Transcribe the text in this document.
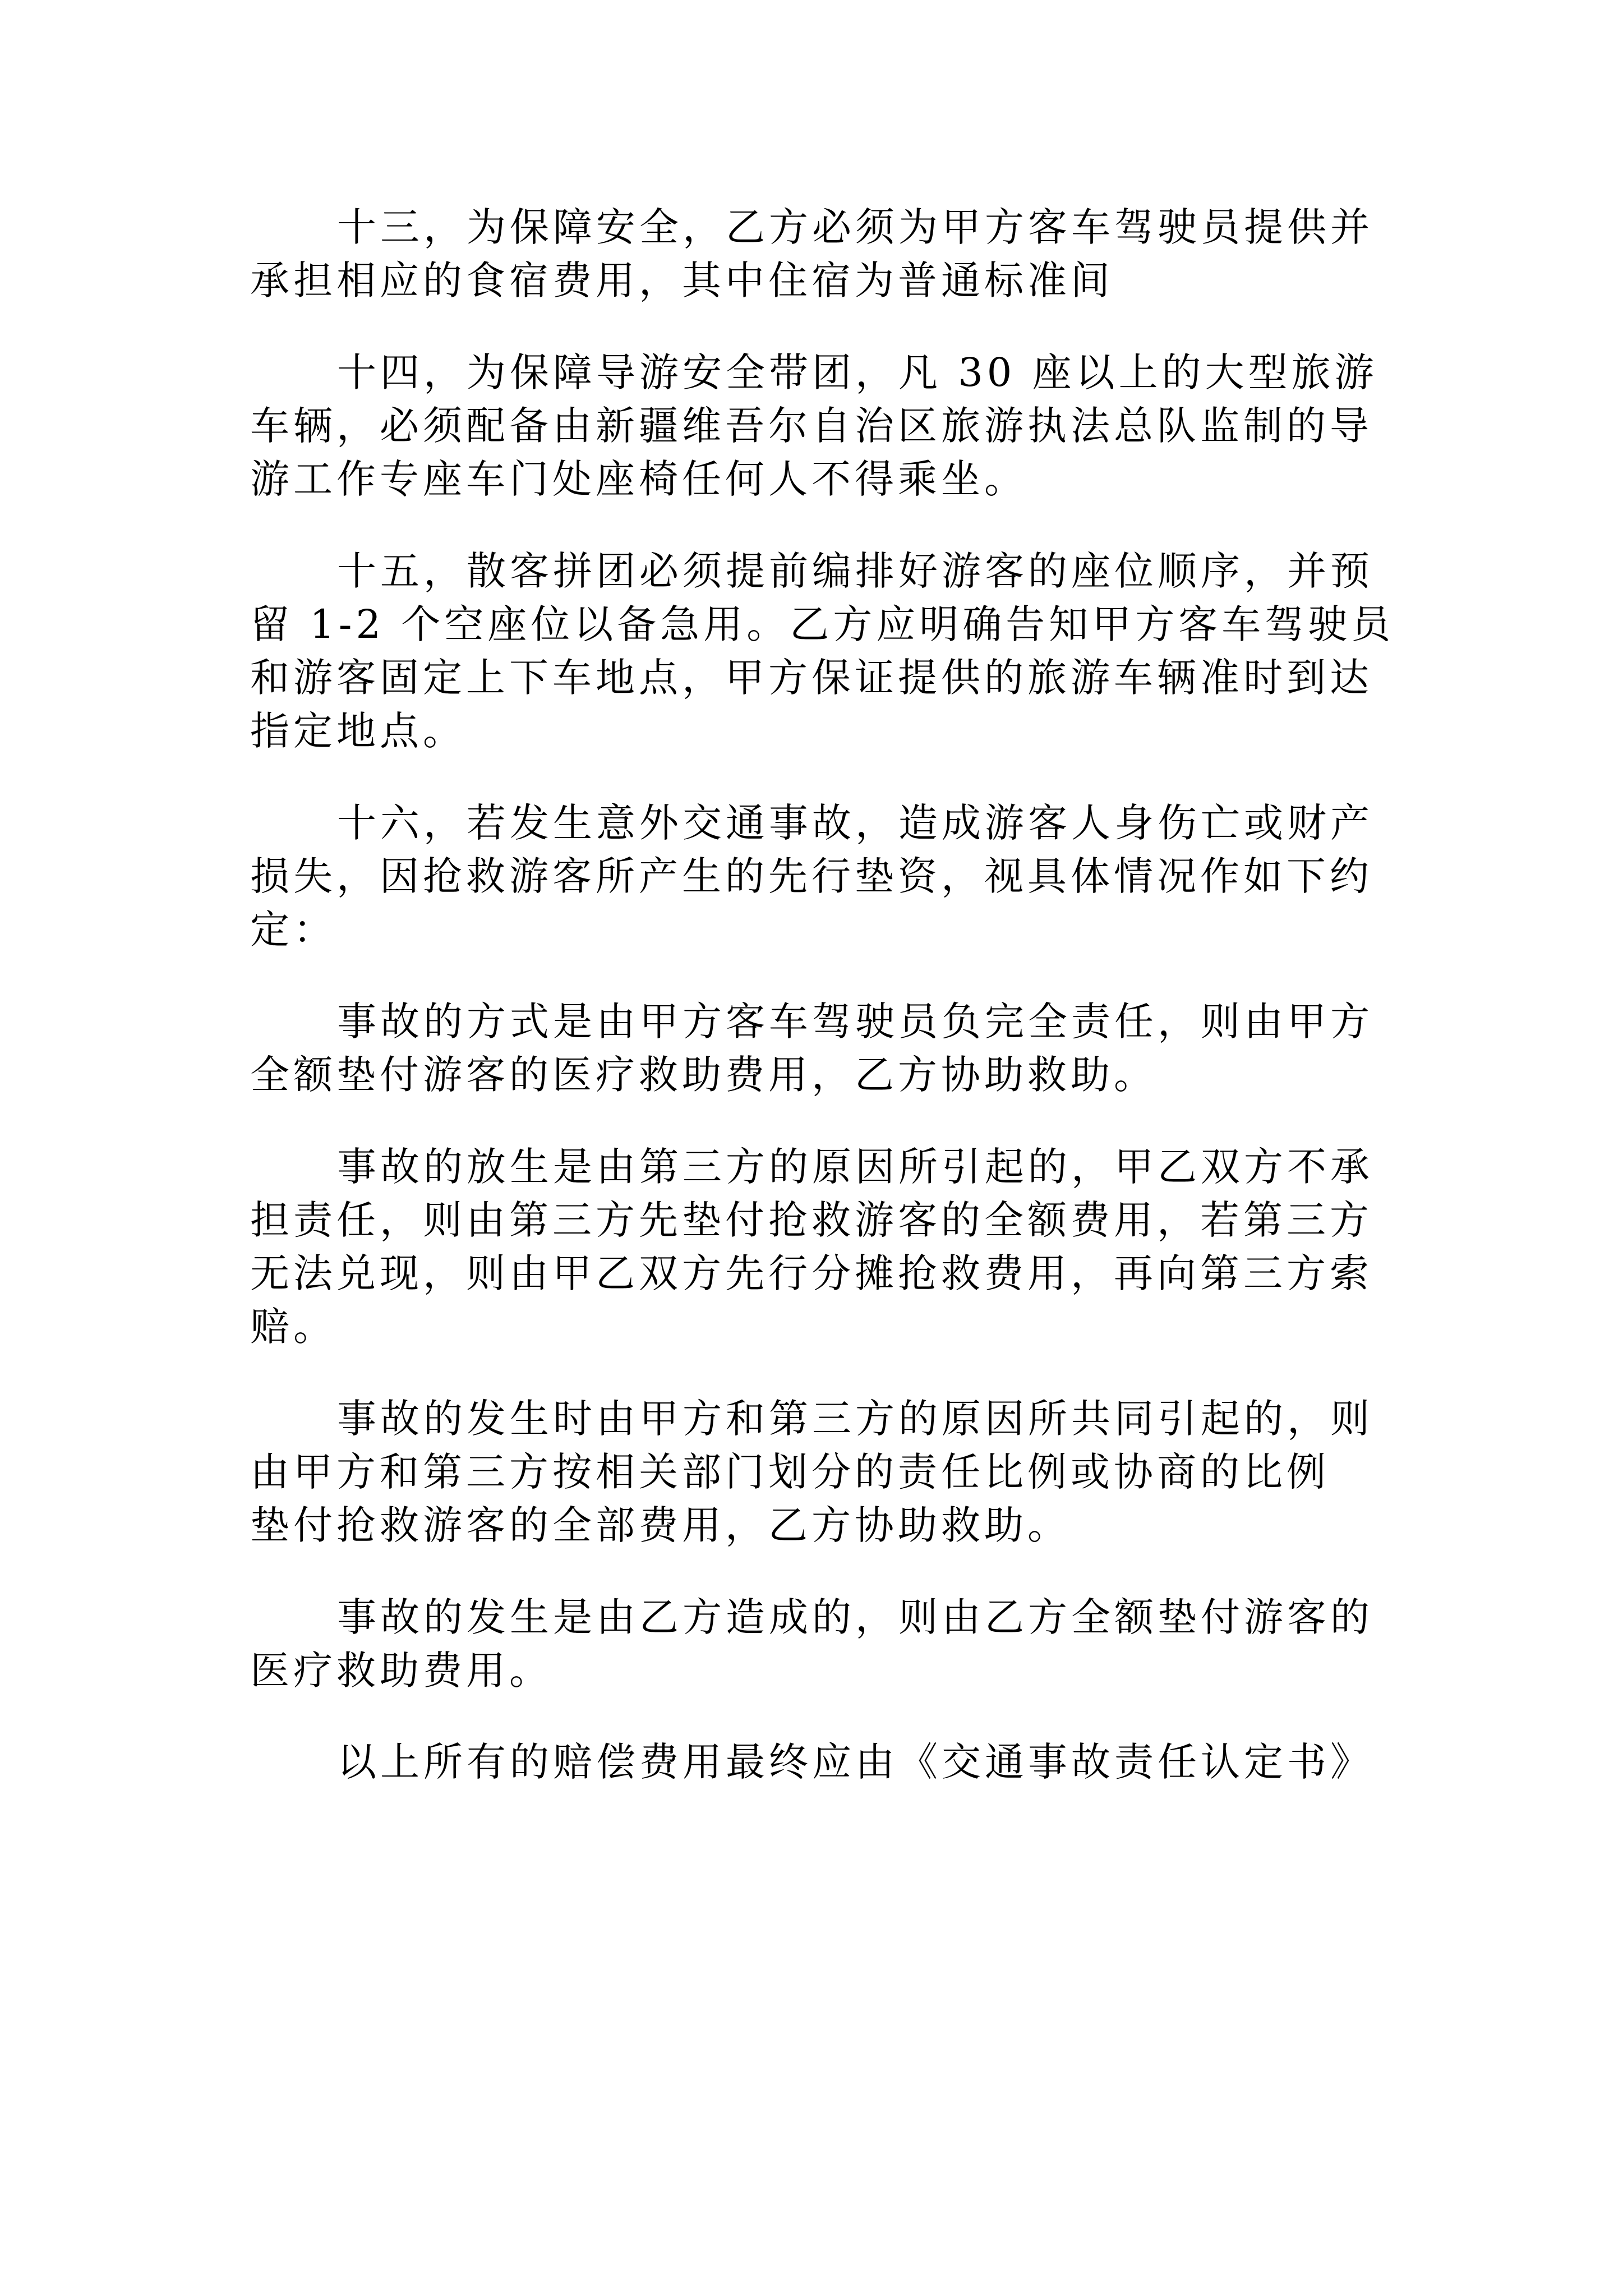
十三，为保障安全，乙方必须为甲方客车驾驶员提供并
承担相应的食宿费用，其中住宿为普通标准间
十四，为保障导游安全带团，凡 30 座以上的大型旅游
车辆，必须配备由新疆维吾尔自治区旅游执法总队监制的导
游工作专座车门处座椅任何人不得乘坐。
十五，散客拼团必须提前编排好游客的座位顺序，并预
留 1-2 个空座位以备急用。乙方应明确告知甲方客车驾驶员
和游客固定上下车地点，甲方保证提供的旅游车辆准时到达
指定地点。
十六，若发生意外交通事故，造成游客人身伤亡或财产
损失，因抢救游客所产生的先行垫资，视具体情况作如下约
定：
事故的方式是由甲方客车驾驶员负完全责任，则由甲方
全额垫付游客的医疗救助费用，乙方协助救助。
事故的放生是由第三方的原因所引起的，甲乙双方不承
担责任，则由第三方先垫付抢救游客的全额费用，若第三方
无法兑现，则由甲乙双方先行分摊抢救费用，再向第三方索
赔。
事故的发生时由甲方和第三方的原因所共同引起的，则
由甲方和第三方按相关部门划分的责任比例或协商的比例
垫付抢救游客的全部费用，乙方协助救助。
事故的发生是由乙方造成的，则由乙方全额垫付游客的
医疗救助费用。
以上所有的赔偿费用最终应由《交通事故责任认定书》
